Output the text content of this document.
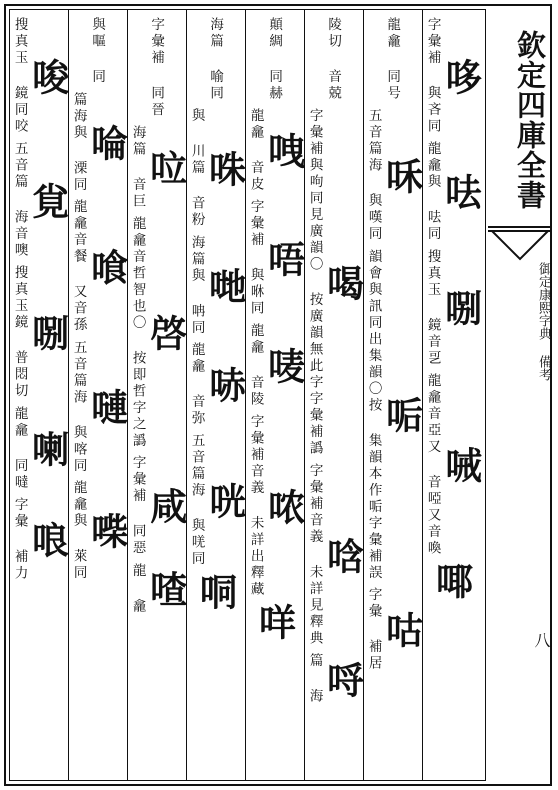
哆
字彙補 與吝同
呿
龍龕與 呿同
哵
搜真玉 鏡音㐓
㖑
龍龕音亞又 音啞又音喚
㖿
龍龕 同号
咊
五音篇海 與嘆同
㖃
韻會與訊同出集韻〇按 集韻本作㖃字彙補誤
咕
字彙 補居
陵切 音兢
喝
字彙補與呴同見廣韻〇 按廣韻無此字字彙補譌
唅
字彙補音義 未詳見釋典
哷
篇 海
顛綢 同赫
㖂
龍龕 音皮
唔
字彙補 與咻同
唛
龍龕 音陵
哝
字彙補音義 未詳出釋藏
咩
海篇 喻同
咮
與 川篇 音粉
哋
海篇與 呥同
哧
龍龕 音弥
咣
五音篇海 與唴同
哃
字彙補 同晉
㕸
海篇 音巨
啓
龍龕音哲智也〇 按即哲字之譌
咸
字彙補 同惡
喳
龍 龕
與嘔 同
㖮
篇海與 溧同
喰
龍龕音餐 又音孫
嗹
五音篇海 與喀同
喍
龍龕與 萊同
唆
搜真玉 鏡同咬
覍
五音篇 海音噢
哵
搜真玉鏡 普悶切
喇
龍龕 同噠
哴
字彙 補力
欽定四庫全書
御定康熙字典 備考
八
